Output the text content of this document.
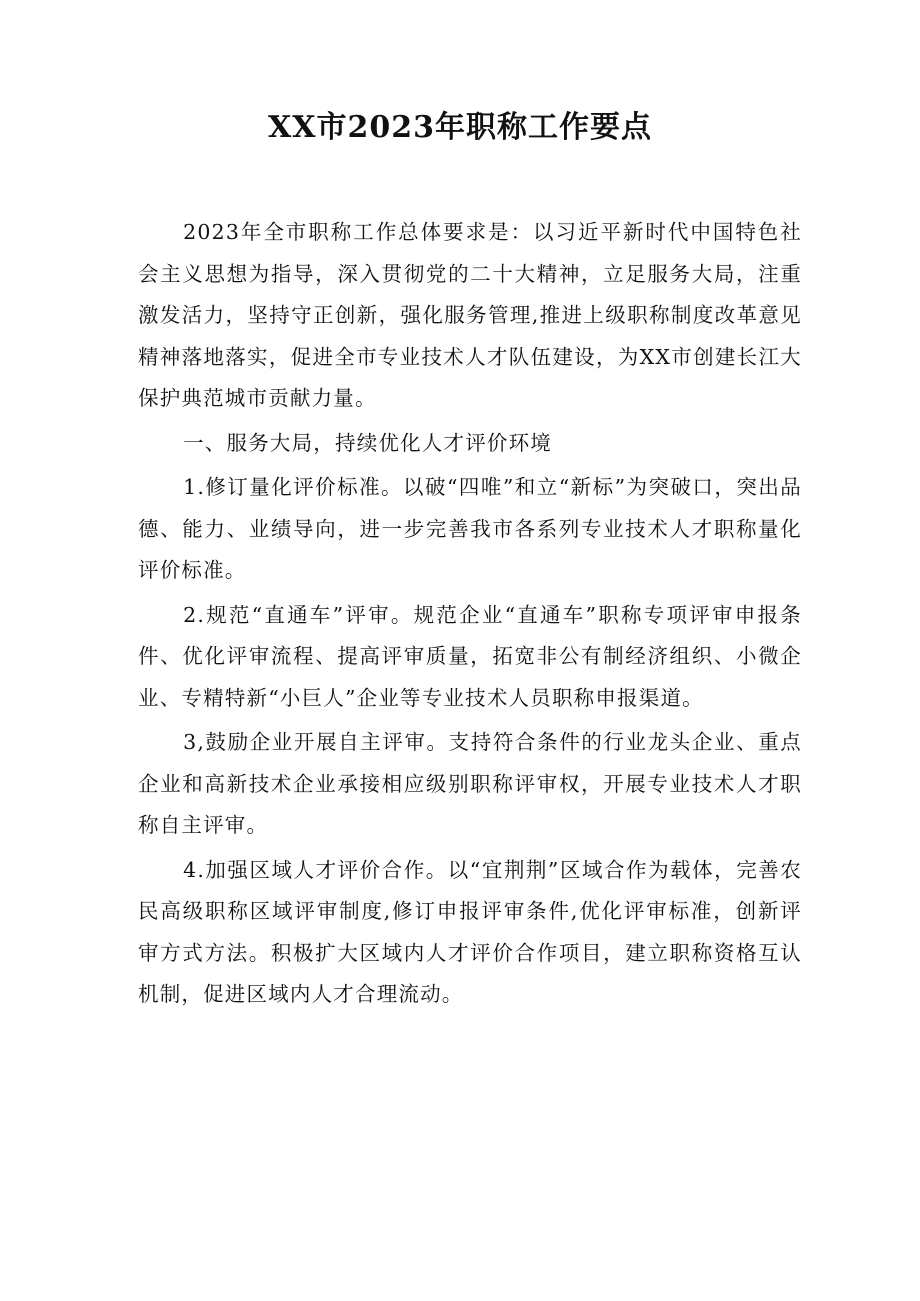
XX市2023年职称工作要点

2023年全市职称工作总体要求是：以习近平新时代中国特色社会主义思想为指导，深入贯彻党的二十大精神，立足服务大局，注重激发活力，坚持守正创新，强化服务管理,推进上级职称制度改革意见精神落地落实，促进全市专业技术人才队伍建设，为XX市创建长江大保护典范城市贡献力量。

一、服务大局，持续优化人才评价环境

1.修订量化评价标准。以破“四唯”和立“新标”为突破口，突出品德、能力、业绩导向，进一步完善我市各系列专业技术人才职称量化评价标准。

2.规范“直通车”评审。规范企业“直通车”职称专项评审申报条件、优化评审流程、提高评审质量，拓宽非公有制经济组织、小微企业、专精特新“小巨人”企业等专业技术人员职称申报渠道。

3,鼓励企业开展自主评审。支持符合条件的行业龙头企业、重点企业和高新技术企业承接相应级别职称评审权，开展专业技术人才职称自主评审。

4.加强区域人才评价合作。以“宜荆荆”区域合作为载体，完善农民高级职称区域评审制度,修订申报评审条件,优化评审标准，创新评审方式方法。积极扩大区域内人才评价合作项目，建立职称资格互认机制，促进区域内人才合理流动。
